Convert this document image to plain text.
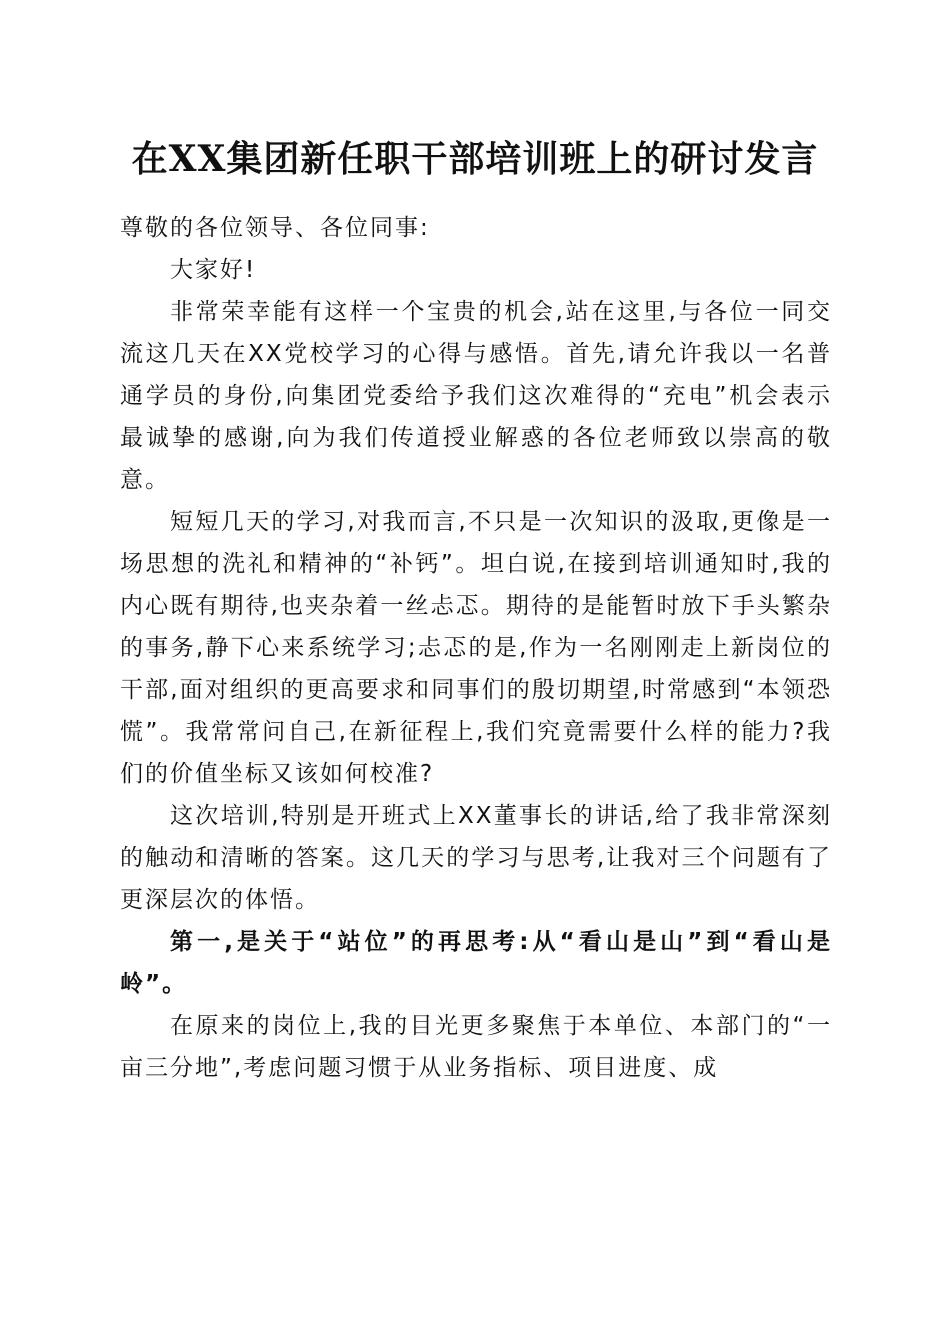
在XX集团新任职干部培训班上的研讨发言

尊敬的各位领导、各位同事:

大家好!

非常荣幸能有这样一个宝贵的机会,站在这里,与各位一同交流这几天在XX党校学习的心得与感悟。首先,请允许我以一名普通学员的身份,向集团党委给予我们这次难得的“充电”机会表示最诚挚的感谢,向为我们传道授业解惑的各位老师致以崇高的敬意。

短短几天的学习,对我而言,不只是一次知识的汲取,更像是一场思想的洗礼和精神的“补钙”。坦白说,在接到培训通知时,我的内心既有期待,也夹杂着一丝忐忑。期待的是能暂时放下手头繁杂的事务,静下心来系统学习;忐忑的是,作为一名刚刚走上新岗位的干部,面对组织的更高要求和同事们的殷切期望,时常感到“本领恐慌”。我常常问自己,在新征程上,我们究竟需要什么样的能力?我们的价值坐标又该如何校准?

这次培训,特别是开班式上XX董事长的讲话,给了我非常深刻的触动和清晰的答案。这几天的学习与思考,让我对三个问题有了更深层次的体悟。

第一,是关于“站位”的再思考:从“看山是山”到“看山是岭”。

在原来的岗位上,我的目光更多聚焦于本单位、本部门的“一亩三分地”,考虑问题习惯于从业务指标、项目进度、成
